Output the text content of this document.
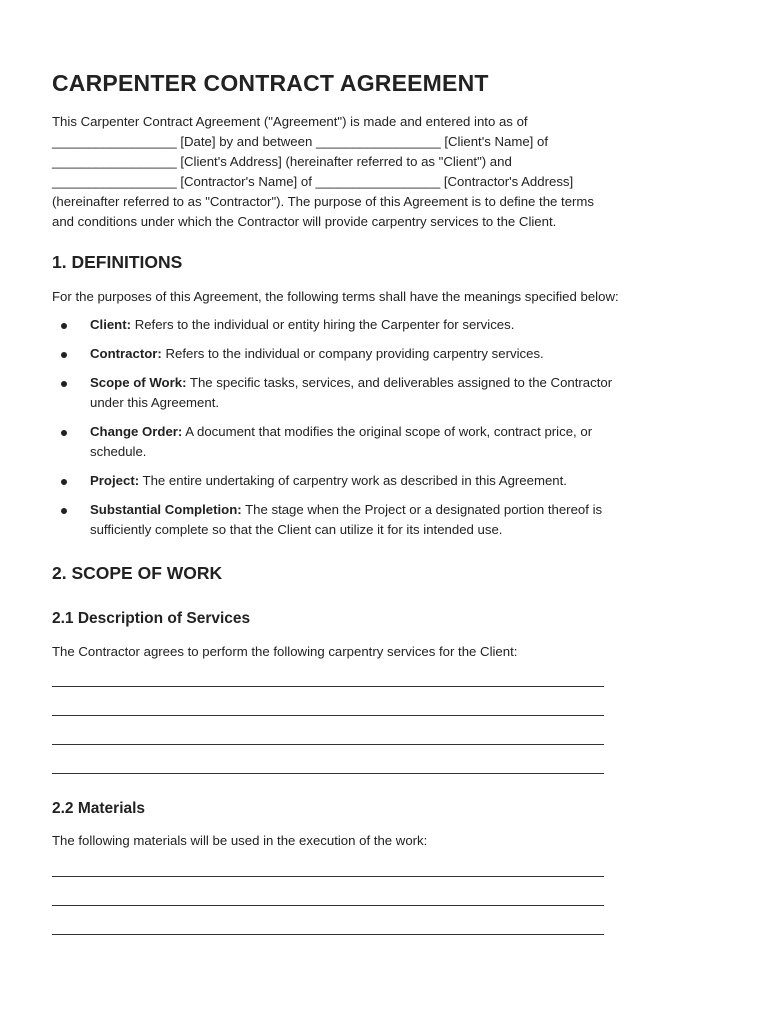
CARPENTER CONTRACT AGREEMENT
This Carpenter Contract Agreement ("Agreement") is made and entered into as of
_________________ [Date] by and between _________________ [Client's Name] of
_________________ [Client's Address] (hereinafter referred to as "Client") and
_________________ [Contractor's Name] of _________________ [Contractor's Address]
(hereinafter referred to as "Contractor"). The purpose of this Agreement is to define the terms
and conditions under which the Contractor will provide carpentry services to the Client.
1. DEFINITIONS

For the purposes of this Agreement, the following terms shall have the meanings specified below:

Client: Refers to the individual or entity hiring the Carpenter for services.
Contractor: Refers to the individual or company providing carpentry services.
Scope of Work: The specific tasks, services, and deliverables assigned to the Contractor
under this Agreement.
Change Order: A document that modifies the original scope of work, contract price, or
schedule.
Project: The entire undertaking of carpentry work as described in this Agreement.
Substantial Completion: The stage when the Project or a designated portion thereof is
sufficiently complete so that the Client can utilize it for its intended use.
2. SCOPE OF WORK
2.1 Description of Services

The Contractor agrees to perform the following carpentry services for the Client:

2.2 Materials

The following materials will be used in the execution of the work:
